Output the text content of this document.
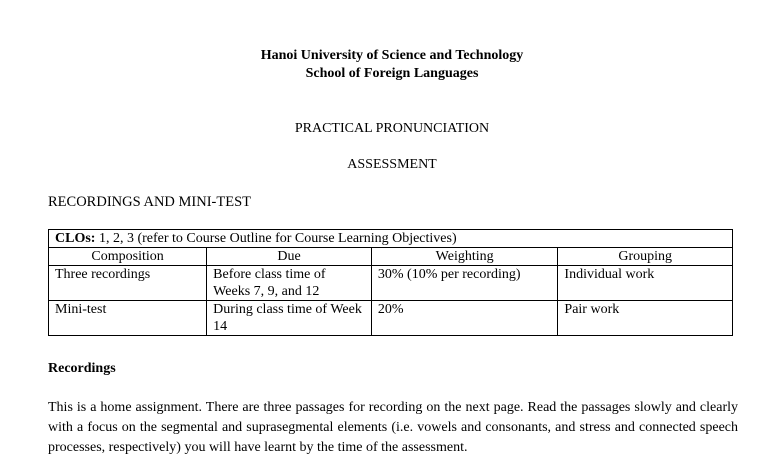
Hanoi University of Science and Technology
School of Foreign Languages
PRACTICAL PRONUNCIATION
ASSESSMENT
RECORDINGS AND MINI-TEST
CLOs: 1, 2, 3 (refer to Course Outline for Course Learning Objectives)			
Composition	Due	Weighting	Grouping
Three recordings	Before class time of Weeks 7, 9, and 12	30% (10% per recording)	Individual work
Mini-test	During class time of Week 14	20%	Pair work
Recordings
This is a home assignment. There are three passages for recording on the next page. Read the passages slowly and clearly with a focus on the segmental and suprasegmental elements (i.e. vowels and consonants, and stress and connected speech processes, respectively) you will have learnt by the time of the assessment.
